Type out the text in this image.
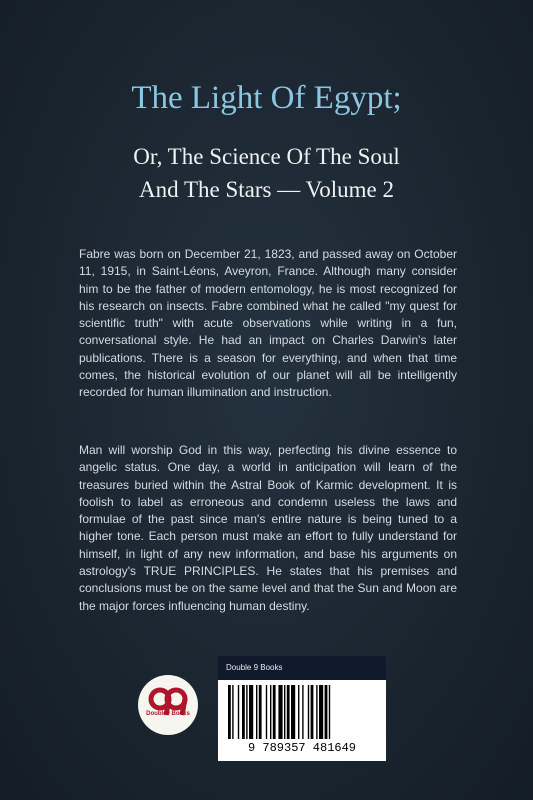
The Light Of Egypt;
Or, The Science Of The Soul
And The Stars — Volume 2

Fabre was born on December 21, 1823, and passed away on October 11, 1915, in Saint-Léons, Aveyron, France. Although many consider him to be the father of modern entomology, he is most recognized for his research on insects. Fabre combined what he called "my quest for scientific truth" with acute observations while writing in a fun, conversational style. He had an impact on Charles Darwin's later publications. There is a season for everything, and when that time comes, the historical evolution of our planet will all be intelligently recorded for human illumination and instruction.

Man will worship God in this way, perfecting his divine essence to angelic status. One day, a world in anticipation will learn of the treasures buried within the Astral Book of Karmic development. It is foolish to label as erroneous and condemn useless the laws and formulae of the past since man's entire nature is being tuned to a higher tone. Each person must make an effort to fully understand for himself, in light of any new information, and base his arguments on astrology's TRUE PRINCIPLES. He states that his premises and conclusions must be on the same level and that the Sun and Moon are the major forces influencing human destiny.

Double9 Books
Double 9 Books
9 789357 481649
